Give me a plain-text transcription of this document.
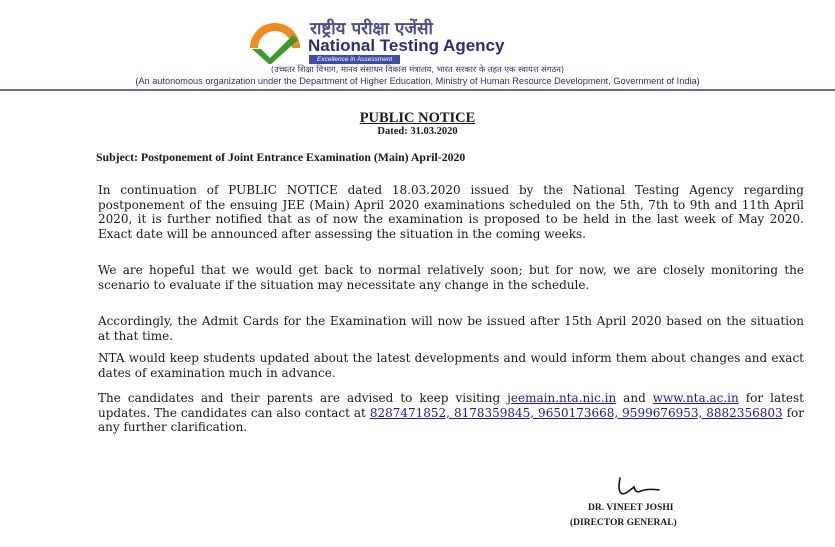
राष्ट्रीय परीक्षा एजेंसी
National Testing Agency
Excellence in Assessment
(उच्चतर शिक्षा विभाग, मानव संसाधन विकास मंत्रालय, भारत सरकार के तहत एक स्वायत्त संगठन)
(An autonomous organization under the Department of Higher Education, Ministry of Human Resource Development, Government of India)
PUBLIC NOTICE
Dated: 31.03.2020
Subject: Postponement of Joint Entrance Examination (Main) April-2020

In continuation of PUBLIC NOTICE dated 18.03.2020 issued by the National Testing Agency regarding postponement of the ensuing JEE (Main) April 2020 examinations scheduled on the 5th, 7th to 9th and 11th April 2020, it is further notified that as of now the examination is proposed to be held in the last week of May 2020. Exact date will be announced after assessing the situation in the coming weeks.

We are hopeful that we would get back to normal relatively soon; but for now, we are closely monitoring the scenario to evaluate if the situation may necessitate any change in the schedule.

Accordingly, the Admit Cards for the Examination will now be issued after 15th April 2020 based on the situation at that time.

NTA would keep students updated about the latest developments and would inform them about changes and exact dates of examination much in advance.

The candidates and their parents are advised to keep visiting jeemain.nta.nic.in and www.nta.ac.in for latest updates. The candidates can also contact at 8287471852, 8178359845, 9650173668, 9599676953, 8882356803 for any further clarification.

DR. VINEET JOSHI
(DIRECTOR GENERAL)
